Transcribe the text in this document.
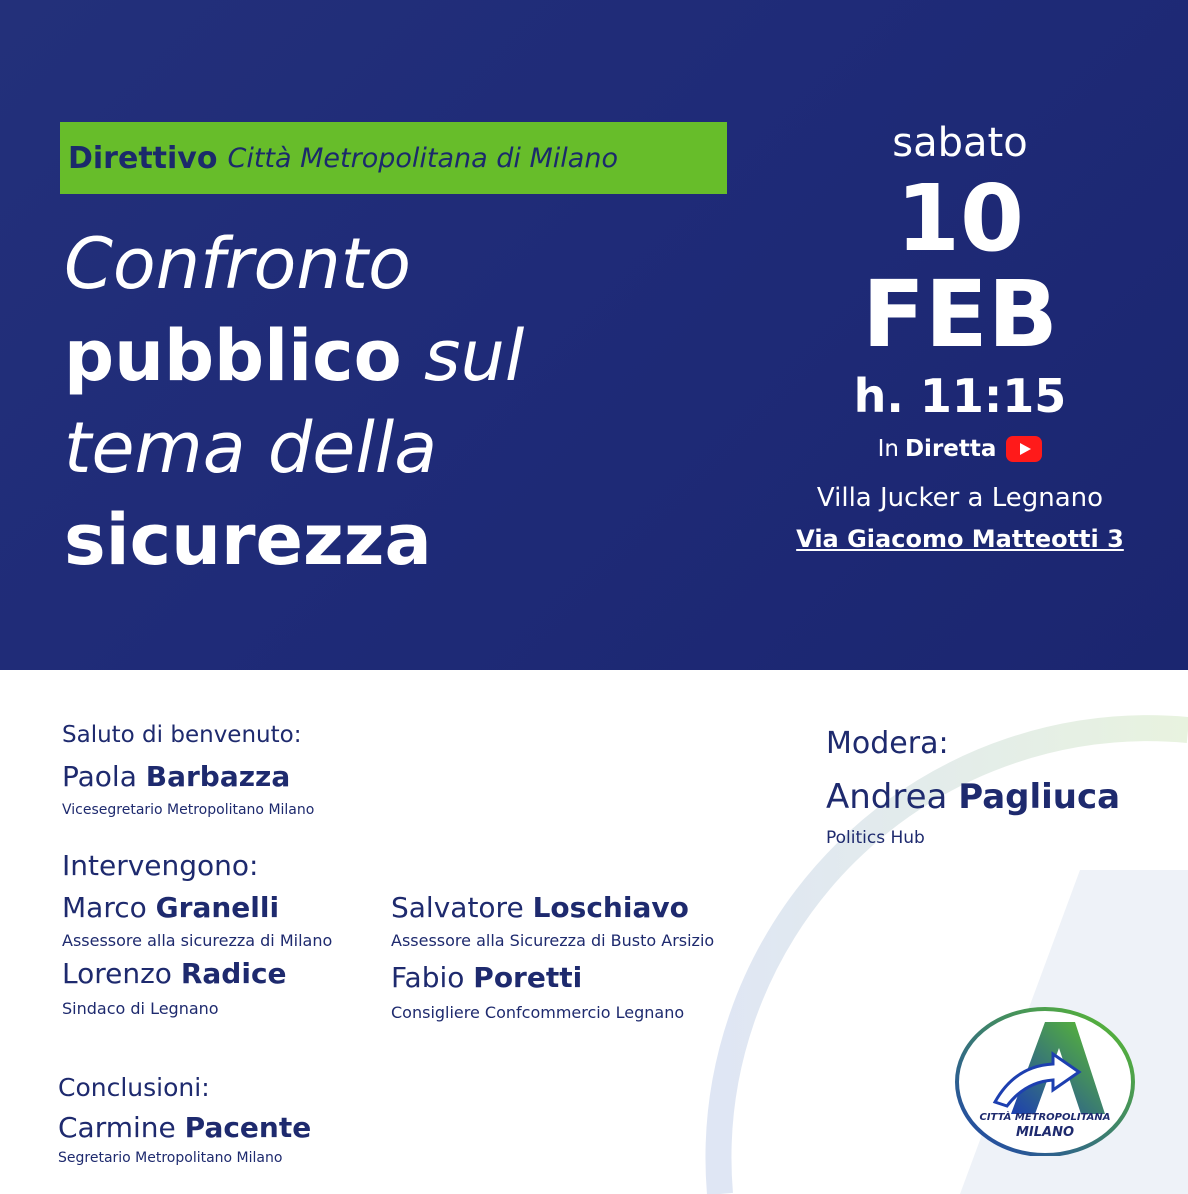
Direttivo Città Metropolitana di Milano
Confronto
pubblico sul
tema della
sicurezza
sabato
10
FEB
h. 11:15
In Diretta
Villa Jucker a Legnano
Via Giacomo Matteotti 3
Saluto di benvenuto:
Paola Barbazza
Vicesegretario Metropolitano Milano
Intervengono:
Marco Granelli
Assessore alla sicurezza di Milano
Salvatore Loschiavo
Assessore alla Sicurezza di Busto Arsizio
Lorenzo Radice
Sindaco di Legnano
Fabio Poretti
Consigliere Confcommercio Legnano
Conclusioni:
Carmine Pacente
Segretario Metropolitano Milano
Modera:
Andrea Pagliuca
Politics Hub
CITTÀ METROPOLITANA
MILANO
